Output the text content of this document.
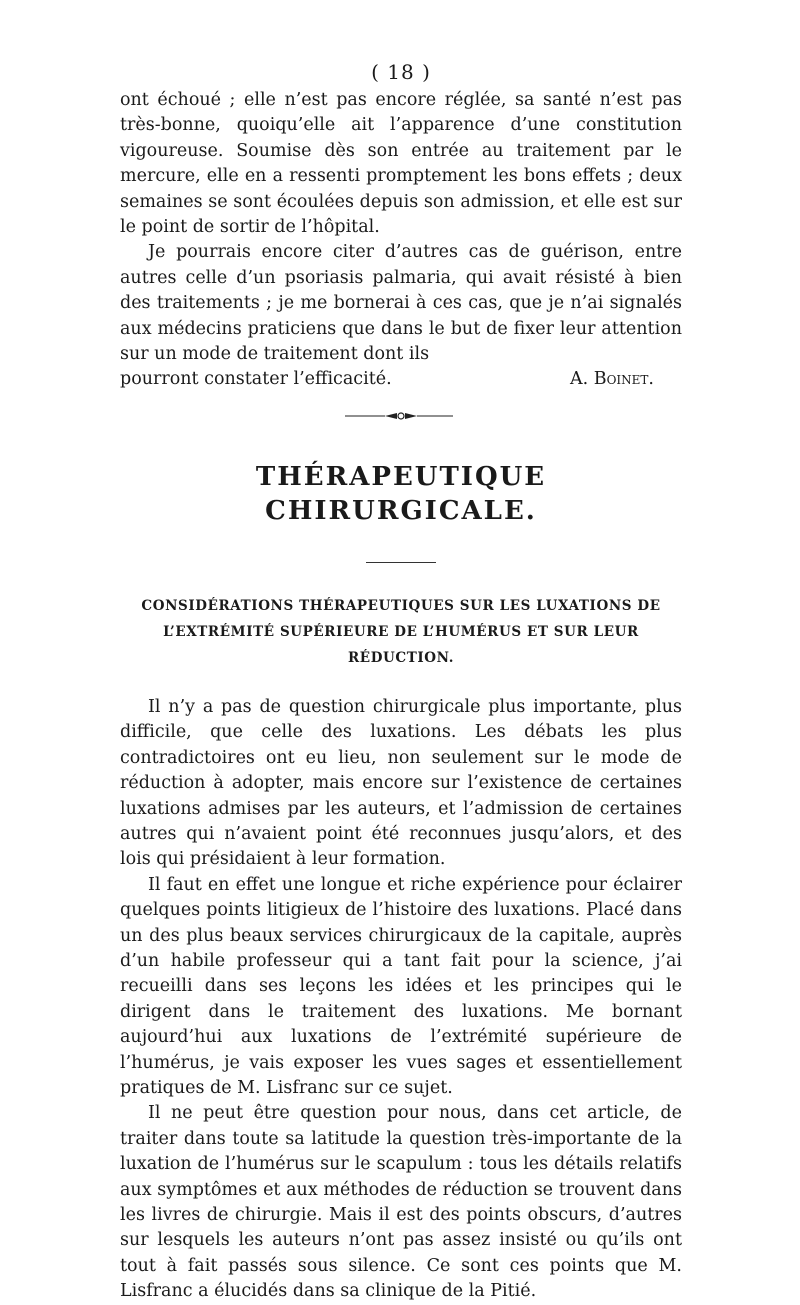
( 18 )

ont échoué ; elle n’est pas encore réglée, sa santé n’est pas très-bonne, quoiqu’elle ait l’apparence d’une constitution vigoureuse. Soumise dès son entrée au traitement par le mercure, elle en a ressenti promptement les bons effets ; deux semaines se sont écoulées depuis son admission, et elle est sur le point de sortir de l’hôpital.

Je pourrais encore citer d’autres cas de guérison, entre autres celle d’un psoriasis palmaria, qui avait résisté à bien des traitements ; je me bornerai à ces cas, que je n’ai signalés aux médecins praticiens que dans le but de fixer leur attention sur un mode de traitement dont ils

pourront constater l’efficacité.	A. Boinet.
THÉRAPEUTIQUE CHIRURGICALE.
CONSIDÉRATIONS THÉRAPEUTIQUES SUR LES LUXATIONS DE L’EXTRÉMITÉ SUPÉRIEURE DE L’HUMÉRUS ET SUR LEUR RÉDUCTION.

Il n’y a pas de question chirurgicale plus importante, plus difficile, que celle des luxations. Les débats les plus contradictoires ont eu lieu, non seulement sur le mode de réduction à adopter, mais encore sur l’existence de certaines luxations admises par les auteurs, et l’admission de certaines autres qui n’avaient point été reconnues jusqu’alors, et des lois qui présidaient à leur formation.

Il faut en effet une longue et riche expérience pour éclairer quelques points litigieux de l’histoire des luxations. Placé dans un des plus beaux services chirurgicaux de la capitale, auprès d’un habile professeur qui a tant fait pour la science, j’ai recueilli dans ses leçons les idées et les principes qui le dirigent dans le traitement des luxations. Me bornant aujourd’hui aux luxations de l’extrémité supérieure de l’humérus, je vais exposer les vues sages et essentiellement pratiques de M. Lisfranc sur ce sujet.

Il ne peut être question pour nous, dans cet article, de traiter dans toute sa latitude la question très-importante de la luxation de l’humérus sur le scapulum : tous les détails relatifs aux symptômes et aux méthodes de réduction se trouvent dans les livres de chirurgie. Mais il est des points obscurs, d’autres sur lesquels les auteurs n’ont pas assez insisté ou qu’ils ont tout à fait passés sous silence. Ce sont ces points que M. Lisfranc a élucidés dans sa clinique de la Pitié.
